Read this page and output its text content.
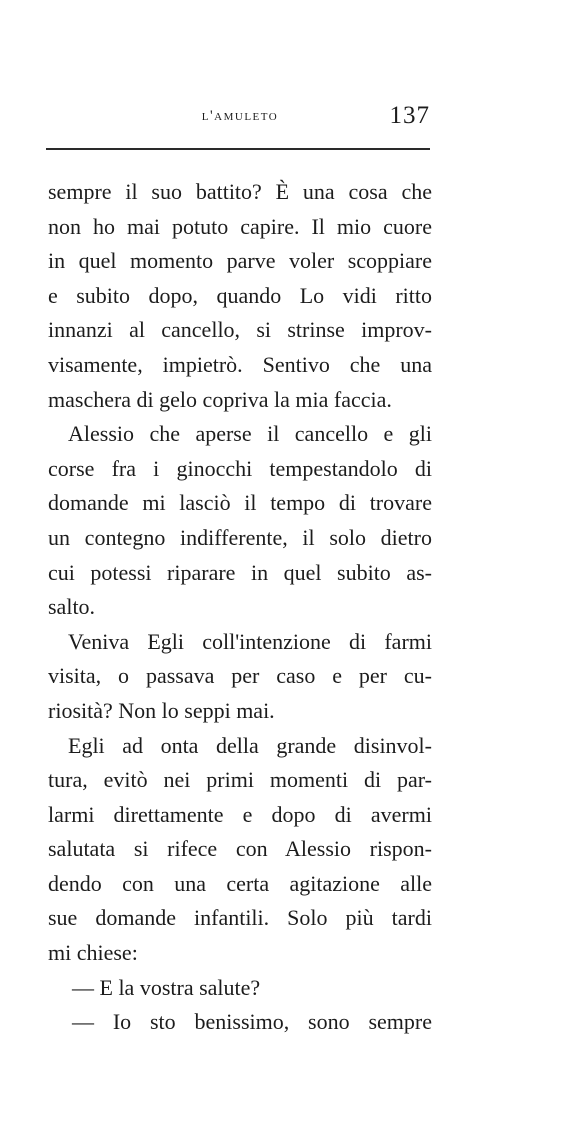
l'amuleto	137
sempre il suo battito? È una cosa che
non ho mai potuto capire. Il mio cuore
in quel momento parve voler scoppiare
e subito dopo, quando Lo vidi ritto
innanzi al cancello, si strinse improv-
visamente, impietrò. Sentivo che una
maschera di gelo copriva la mia faccia.
Alessio che aperse il cancello e gli
corse fra i ginocchi tempestandolo di
domande mi lasciò il tempo di trovare
un contegno indifferente, il solo dietro
cui potessi riparare in quel subito as-
salto.
Veniva Egli coll'intenzione di farmi
visita, o passava per caso e per cu-
riosità? Non lo seppi mai.
Egli ad onta della grande disinvol-
tura, evitò nei primi momenti di par-
larmi direttamente e dopo di avermi
salutata si rifece con Alessio rispon-
dendo con una certa agitazione alle
sue domande infantili. Solo più tardi
mi chiese:
— E la vostra salute?
— Io sto benissimo, sono sempre
